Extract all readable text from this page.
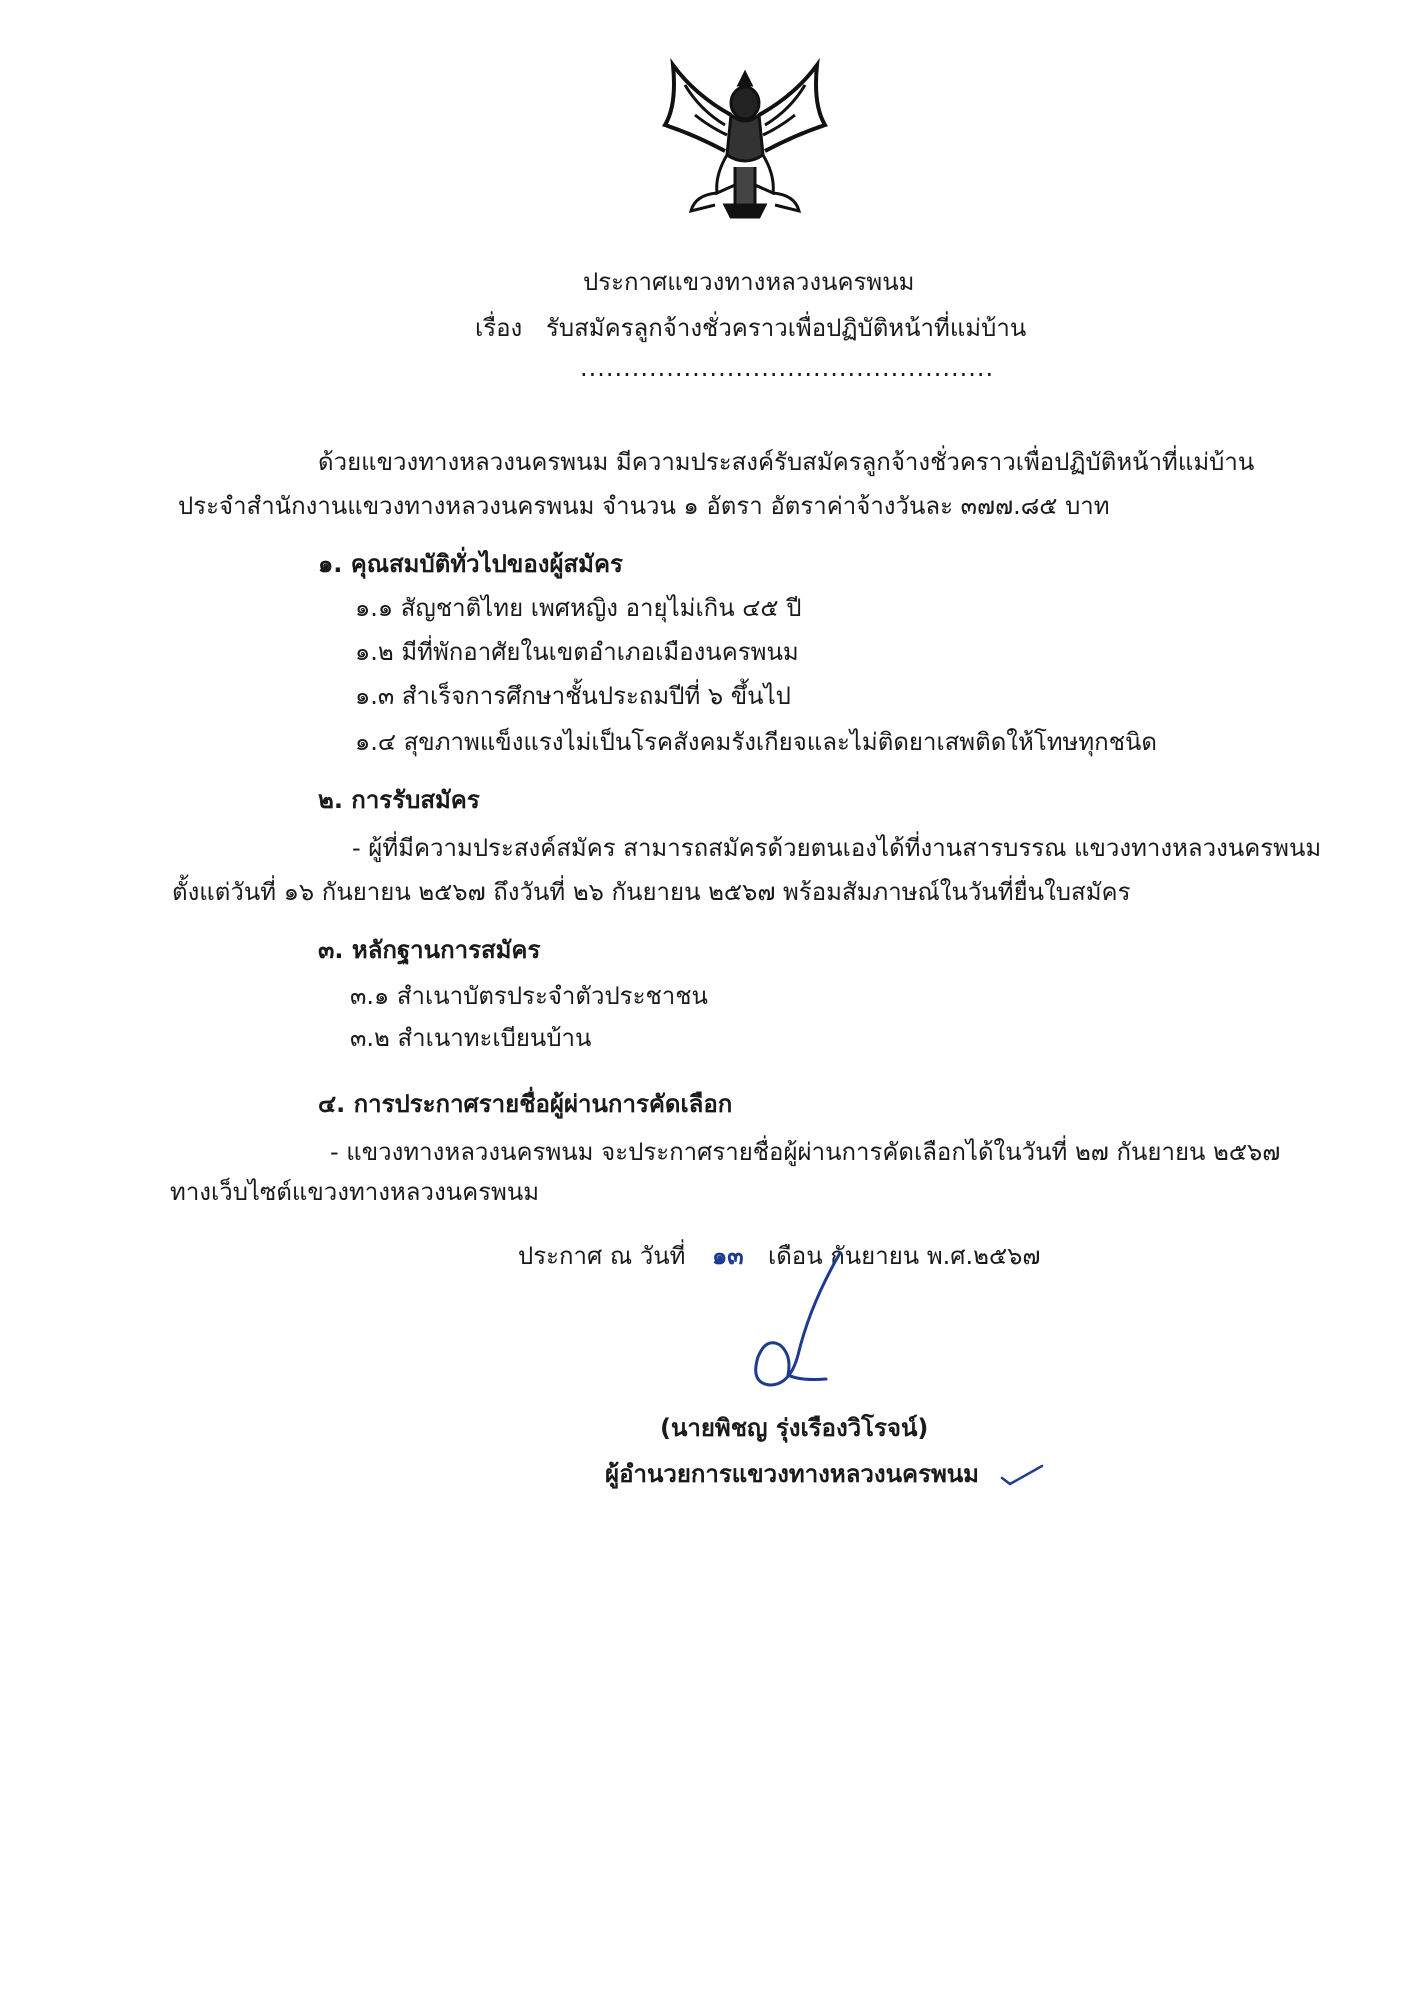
ประกาศแขวงทางหลวงนครพนม
เรื่อง รับสมัครลูกจ้างชั่วคราวเพื่อปฏิบัติหน้าที่แม่บ้าน
................................................
ด้วยแขวงทางหลวงนครพนม มีความประสงค์รับสมัครลูกจ้างชั่วคราวเพื่อปฏิบัติหน้าที่แม่บ้าน
ประจำสำนักงานแขวงทางหลวงนครพนม จำนวน ๑ อัตรา อัตราค่าจ้างวันละ ๓๗๗.๘๕ บาท
๑. คุณสมบัติทั่วไปของผู้สมัคร
๑.๑ สัญชาติไทย เพศหญิง อายุไม่เกิน ๔๕ ปี
๑.๒ มีที่พักอาศัยในเขตอำเภอเมืองนครพนม
๑.๓ สำเร็จการศึกษาชั้นประถมปีที่ ๖ ขึ้นไป
๑.๔ สุขภาพแข็งแรงไม่เป็นโรคสังคมรังเกียจและไม่ติดยาเสพติดให้โทษทุกชนิด
๒. การรับสมัคร
- ผู้ที่มีความประสงค์สมัคร สามารถสมัครด้วยตนเองได้ที่งานสารบรรณ แขวงทางหลวงนครพนม
ตั้งแต่วันที่ ๑๖ กันยายน ๒๕๖๗ ถึงวันที่ ๒๖ กันยายน ๒๕๖๗ พร้อมสัมภาษณ์ในวันที่ยื่นใบสมัคร
๓. หลักฐานการสมัคร
๓.๑ สำเนาบัตรประจำตัวประชาชน
๓.๒ สำเนาทะเบียนบ้าน
๔. การประกาศรายชื่อผู้ผ่านการคัดเลือก
- แขวงทางหลวงนครพนม จะประกาศรายชื่อผู้ผ่านการคัดเลือกได้ในวันที่ ๒๗ กันยายน ๒๕๖๗
ทางเว็บไซต์แขวงทางหลวงนครพนม
ประกาศ ณ วันที่ ๑๓ เดือน กันยายน พ.ศ.๒๕๖๗
(นายพิชญ รุ่งเรืองวิโรจน์)
ผู้อำนวยการแขวงทางหลวงนครพนม
